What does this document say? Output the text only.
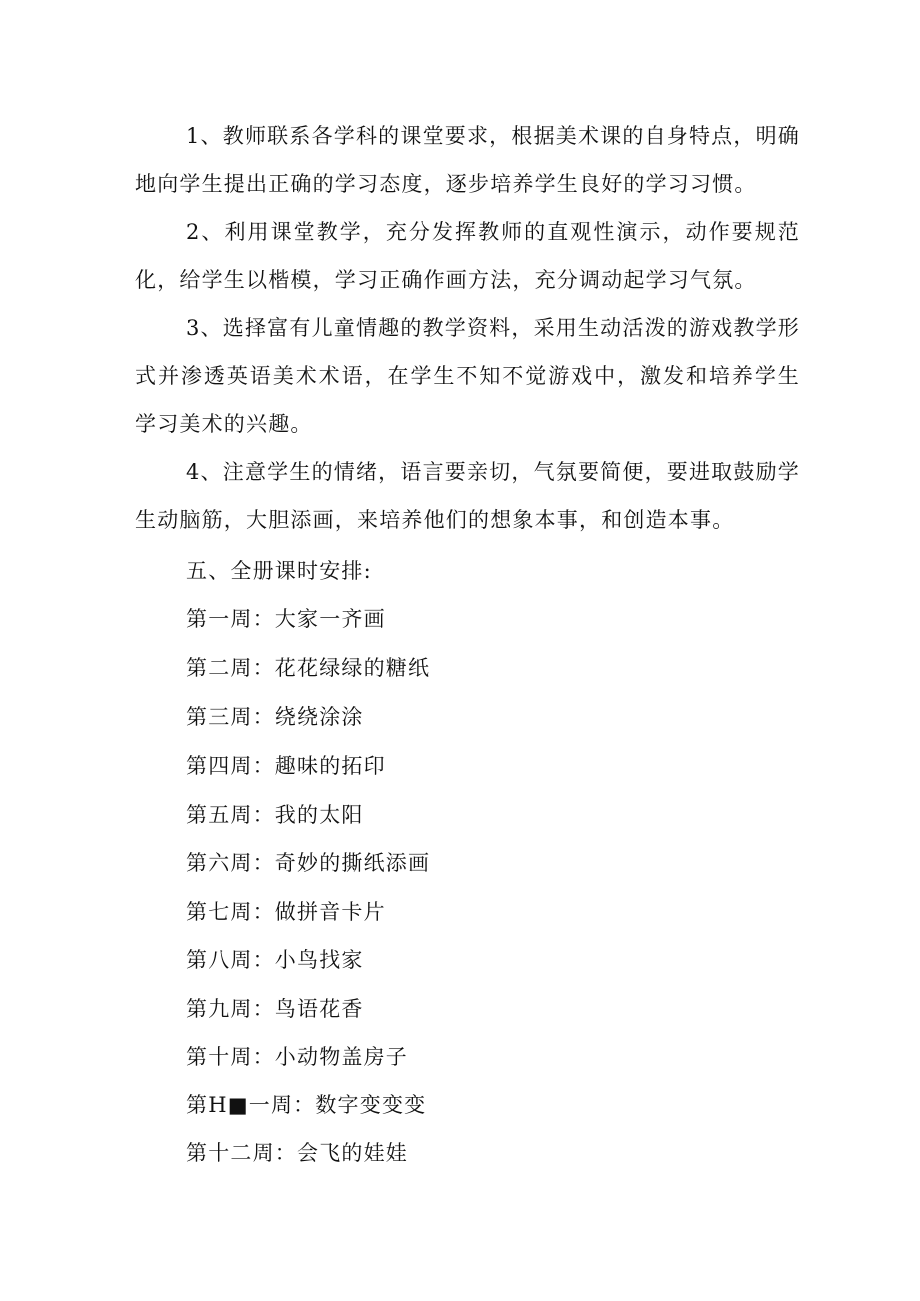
1、教师联系各学科的课堂要求，根据美术课的自身特点，明确地向学生提出正确的学习态度，逐步培养学生良好的学习习惯。

2、利用课堂教学，充分发挥教师的直观性演示，动作要规范化，给学生以楷模，学习正确作画方法，充分调动起学习气氛。

3、选择富有儿童情趣的教学资料，采用生动活泼的游戏教学形式并渗透英语美术术语，在学生不知不觉游戏中，激发和培养学生学习美术的兴趣。

4、注意学生的情绪，语言要亲切，气氛要简便，要进取鼓励学生动脑筋，大胆添画，来培养他们的想象本事，和创造本事。

五、全册课时安排:

第一周：大家一齐画

第二周：花花绿绿的糖纸

第三周：绕绕涂涂

第四周：趣味的拓印

第五周：我的太阳

第六周：奇妙的撕纸添画

第七周：做拼音卡片

第八周：小鸟找家

第九周：鸟语花香

第十周：小动物盖房子

第H■一周：数字变变变

第十二周：会飞的娃娃
